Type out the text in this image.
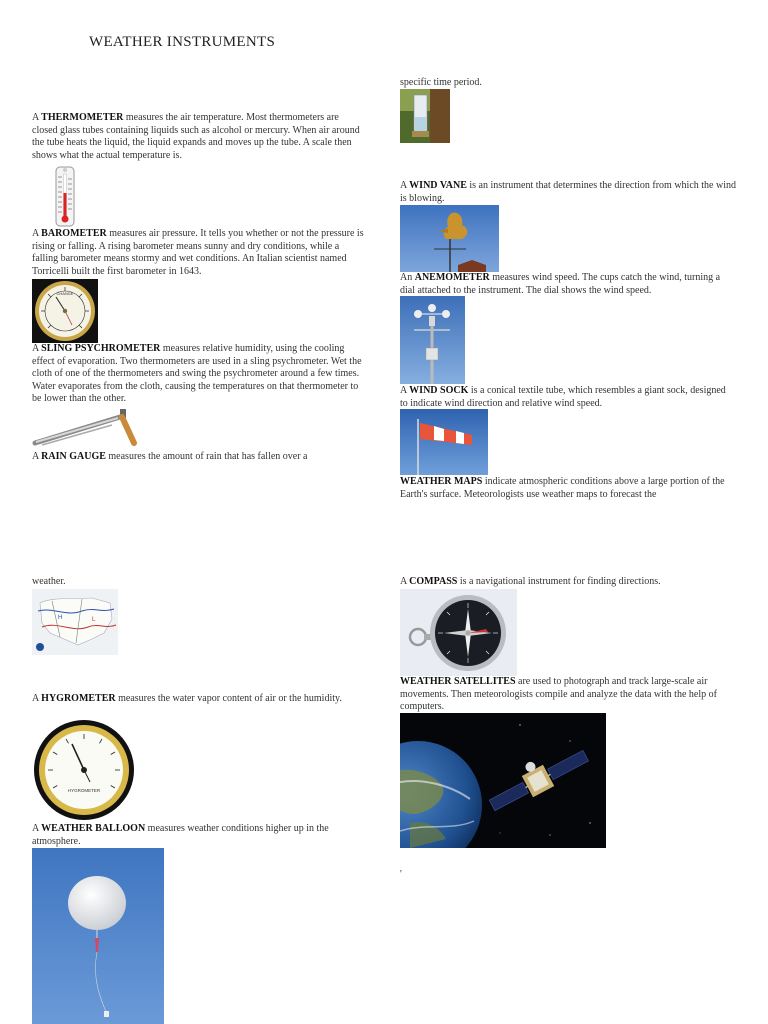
WEATHER INSTRUMENTS
A THERMOMETER measures the air temperature. Most thermometers are closed glass tubes containing liquids such as alcohol or mercury. When air around the tube heats the liquid, the liquid expands and moves up the tube. A scale then shows what the actual temperature is.
A BAROMETER measures air pressure. It tells you whether or not the pressure is rising or falling. A rising barometer means sunny and dry conditions, while a falling barometer means stormy and wet conditions. An Italian scientist named Torricelli built the first barometer in 1643.
CHANGE
A SLING PSYCHROMETER measures relative humidity, using the cooling effect of evaporation. Two thermometers are used in a sling psychrometer. Wet the cloth of one of the thermometers and swing the psychrometer around a few times. Water evaporates from the cloth, causing the temperatures on that thermometer to be lower than the other.
A RAIN GAUGE measures the amount of rain that has fallen over a
weather.
H	L
A HYGROMETER measures the water vapor content of air or the humidity.
HYGROMETER
A WEATHER BALLOON measures weather conditions higher up in the atmosphere.
specific time period.
A WIND VANE is an instrument that determines the direction from which the wind is blowing.
An ANEMOMETER measures wind speed. The cups catch the wind, turning a dial attached to the instrument. The dial shows the wind speed.
A WIND SOCK is a conical textile tube, which resembles a giant sock, designed to indicate wind direction and relative wind speed.
WEATHER MAPS indicate atmospheric conditions above a large portion of the Earth's surface. Meteorologists use weather maps to forecast the
A COMPASS is a navigational instrument for finding directions.
WEATHER SATELLITES are used to photograph and track large-scale air movements. Then meteorologists compile and analyze the data with the help of computers.
'
